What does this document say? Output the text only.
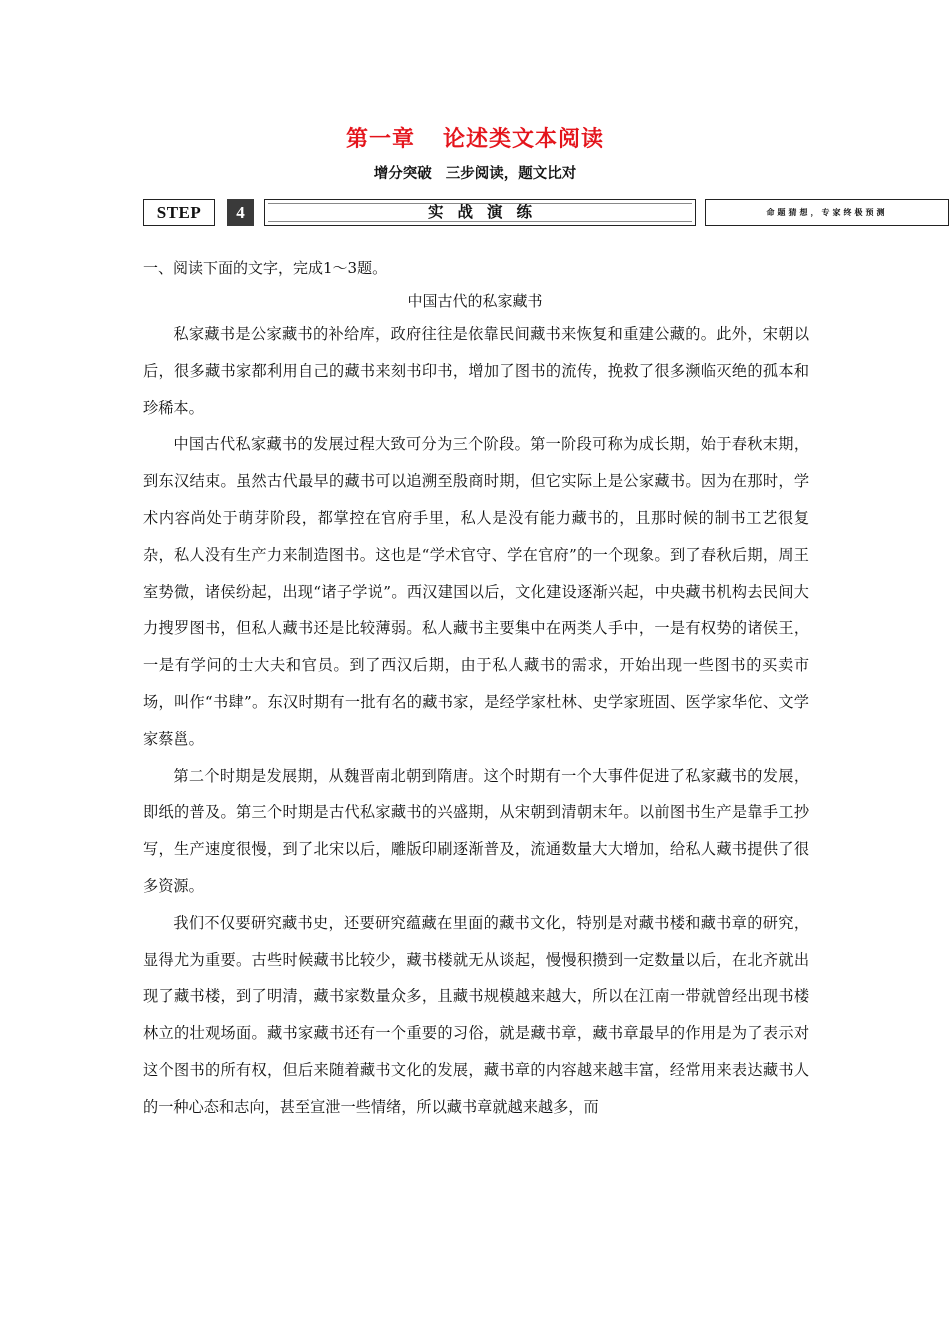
第一章 论述类文本阅读
增分突破 三步阅读，题文比对
STEP	4	实战演练	命题猜想，专家终极预测
一、阅读下面的文字，完成1～3题。
中国古代的私家藏书

私家藏书是公家藏书的补给库，政府往往是依靠民间藏书来恢复和重建公藏的。此外，宋朝以后，很多藏书家都利用自己的藏书来刻书印书，增加了图书的流传，挽救了很多濒临灭绝的孤本和珍稀本。

中国古代私家藏书的发展过程大致可分为三个阶段。第一阶段可称为成长期，始于春秋末期，到东汉结束。虽然古代最早的藏书可以追溯至殷商时期，但它实际上是公家藏书。因为在那时，学术内容尚处于萌芽阶段，都掌控在官府手里，私人是没有能力藏书的，且那时候的制书工艺很复杂，私人没有生产力来制造图书。这也是“学术官守、学在官府”的一个现象。到了春秋后期，周王室势微，诸侯纷起，出现“诸子学说”。西汉建国以后，文化建设逐渐兴起，中央藏书机构去民间大力搜罗图书，但私人藏书还是比较薄弱。私人藏书主要集中在两类人手中，一是有权势的诸侯王，一是有学问的士大夫和官员。到了西汉后期，由于私人藏书的需求，开始出现一些图书的买卖市场，叫作“书肆”。东汉时期有一批有名的藏书家，是经学家杜林、史学家班固、医学家华佗、文学家蔡邕。

第二个时期是发展期，从魏晋南北朝到隋唐。这个时期有一个大事件促进了私家藏书的发展，即纸的普及。第三个时期是古代私家藏书的兴盛期，从宋朝到清朝末年。以前图书生产是靠手工抄写，生产速度很慢，到了北宋以后，雕版印刷逐渐普及，流通数量大大增加，给私人藏书提供了很多资源。

我们不仅要研究藏书史，还要研究蕴藏在里面的藏书文化，特别是对藏书楼和藏书章的研究，显得尤为重要。古些时候藏书比较少，藏书楼就无从谈起，慢慢积攒到一定数量以后，在北齐就出现了藏书楼，到了明清，藏书家数量众多，且藏书规模越来越大，所以在江南一带就曾经出现书楼林立的壮观场面。藏书家藏书还有一个重要的习俗，就是藏书章，藏书章最早的作用是为了表示对这个图书的所有权，但后来随着藏书文化的发展，藏书章的内容越来越丰富，经常用来表达藏书人的一种心态和志向，甚至宣泄一些情绪，所以藏书章就越来越多，而
